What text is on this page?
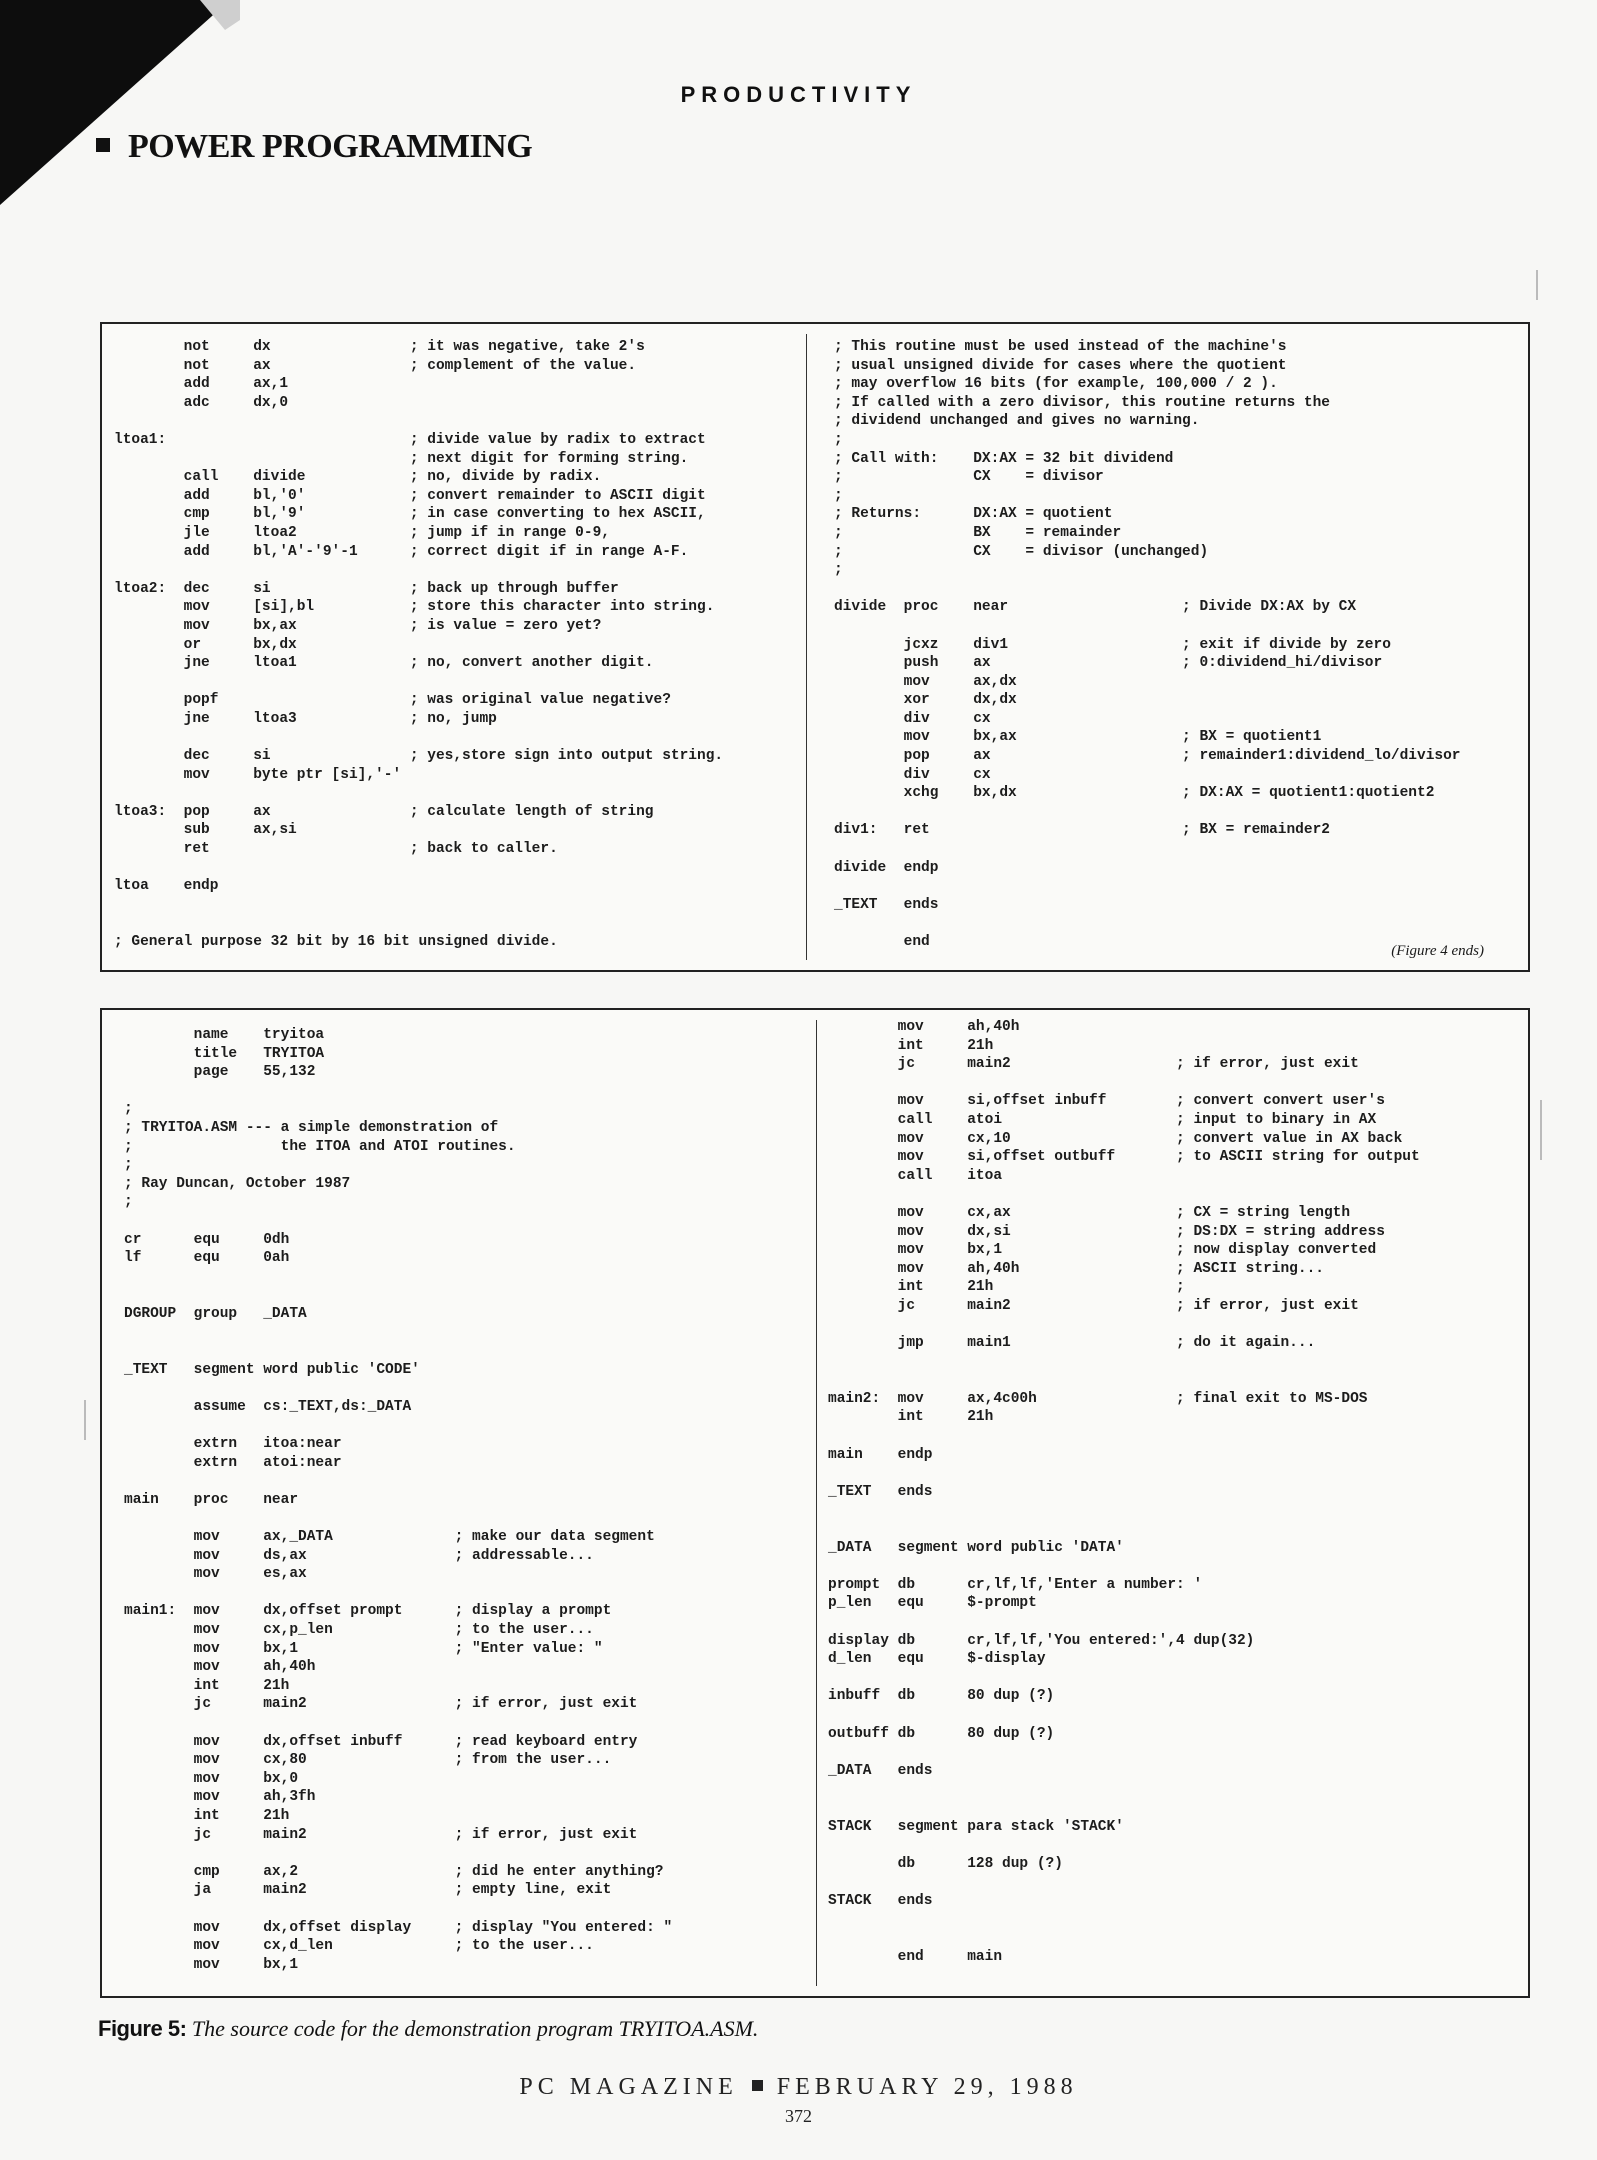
PRODUCTIVITY
POWER PROGRAMMING
not     dx                ; it was negative, take 2's
not     ax                ; complement of the value.
add     ax,1
adc     dx,0

ltoa1:                            ; divide value by radix to extract
; next digit for forming string.
call    divide            ; no, divide by radix.
add     bl,'0'            ; convert remainder to ASCII digit
cmp     bl,'9'            ; in case converting to hex ASCII,
jle     ltoa2             ; jump if in range 0-9,
add     bl,'A'-'9'-1      ; correct digit if in range A-F.

ltoa2:  dec     si                ; back up through buffer
mov     [si],bl           ; store this character into string.
mov     bx,ax             ; is value = zero yet?
or      bx,dx
jne     ltoa1             ; no, convert another digit.

popf                      ; was original value negative?
jne     ltoa3             ; no, jump

dec     si                ; yes,store sign into output string.
mov     byte ptr [si],'-'

ltoa3:  pop     ax                ; calculate length of string
sub     ax,si
ret                       ; back to caller.

ltoa    endp

; General purpose 32 bit by 16 bit unsigned divide.
; This routine must be used instead of the machine's
; usual unsigned divide for cases where the quotient
; may overflow 16 bits (for example, 100,000 / 2 ).
; If called with a zero divisor, this routine returns the
; dividend unchanged and gives no warning.
;
; Call with:    DX:AX = 32 bit dividend
;               CX    = divisor
;
; Returns:      DX:AX = quotient
;               BX    = remainder
;               CX    = divisor (unchanged)
;

divide  proc    near                    ; Divide DX:AX by CX

jcxz    div1                    ; exit if divide by zero
push    ax                      ; 0:dividend_hi/divisor
mov     ax,dx
xor     dx,dx
div     cx
mov     bx,ax                   ; BX = quotient1
pop     ax                      ; remainder1:dividend_lo/divisor
div     cx
xchg    bx,dx                   ; DX:AX = quotient1:quotient2

div1:   ret                             ; BX = remainder2

divide  endp

_TEXT   ends

end
(Figure 4 ends)
name    tryitoa
title   TRYITOA
page    55,132

;
; TRYITOA.ASM --- a simple demonstration of
;                 the ITOA and ATOI routines.
;
; Ray Duncan, October 1987
;

cr      equ     0dh
lf      equ     0ah

DGROUP  group   _DATA

_TEXT   segment word public 'CODE'

assume  cs:_TEXT,ds:_DATA

extrn   itoa:near
extrn   atoi:near

main    proc    near

mov     ax,_DATA              ; make our data segment
mov     ds,ax                 ; addressable...
mov     es,ax

main1:  mov     dx,offset prompt      ; display a prompt
mov     cx,p_len              ; to the user...
mov     bx,1                  ; "Enter value: "
mov     ah,40h
int     21h
jc      main2                 ; if error, just exit

mov     dx,offset inbuff      ; read keyboard entry
mov     cx,80                 ; from the user...
mov     bx,0
mov     ah,3fh
int     21h
jc      main2                 ; if error, just exit

cmp     ax,2                  ; did he enter anything?
ja      main2                 ; empty line, exit

mov     dx,offset display     ; display "You entered: "
mov     cx,d_len              ; to the user...
mov     bx,1
mov     ah,40h
int     21h
jc      main2                   ; if error, just exit

mov     si,offset inbuff        ; convert convert user's
call    atoi                    ; input to binary in AX
mov     cx,10                   ; convert value in AX back
mov     si,offset outbuff       ; to ASCII string for output
call    itoa

mov     cx,ax                   ; CX = string length
mov     dx,si                   ; DS:DX = string address
mov     bx,1                    ; now display converted
mov     ah,40h                  ; ASCII string...
int     21h                     ;
jc      main2                   ; if error, just exit

jmp     main1                   ; do it again...

main2:  mov     ax,4c00h                ; final exit to MS-DOS
int     21h

main    endp

_TEXT   ends

_DATA   segment word public 'DATA'

prompt  db      cr,lf,lf,'Enter a number: '
p_len   equ     $-prompt

display db      cr,lf,lf,'You entered:',4 dup(32)
d_len   equ     $-display

inbuff  db      80 dup (?)

outbuff db      80 dup (?)

_DATA   ends

STACK   segment para stack 'STACK'

db      128 dup (?)

STACK   ends

end     main
Figure 5: The source code for the demonstration program TRYITOA.ASM.
PC MAGAZINE FEBRUARY 29, 1988
372
